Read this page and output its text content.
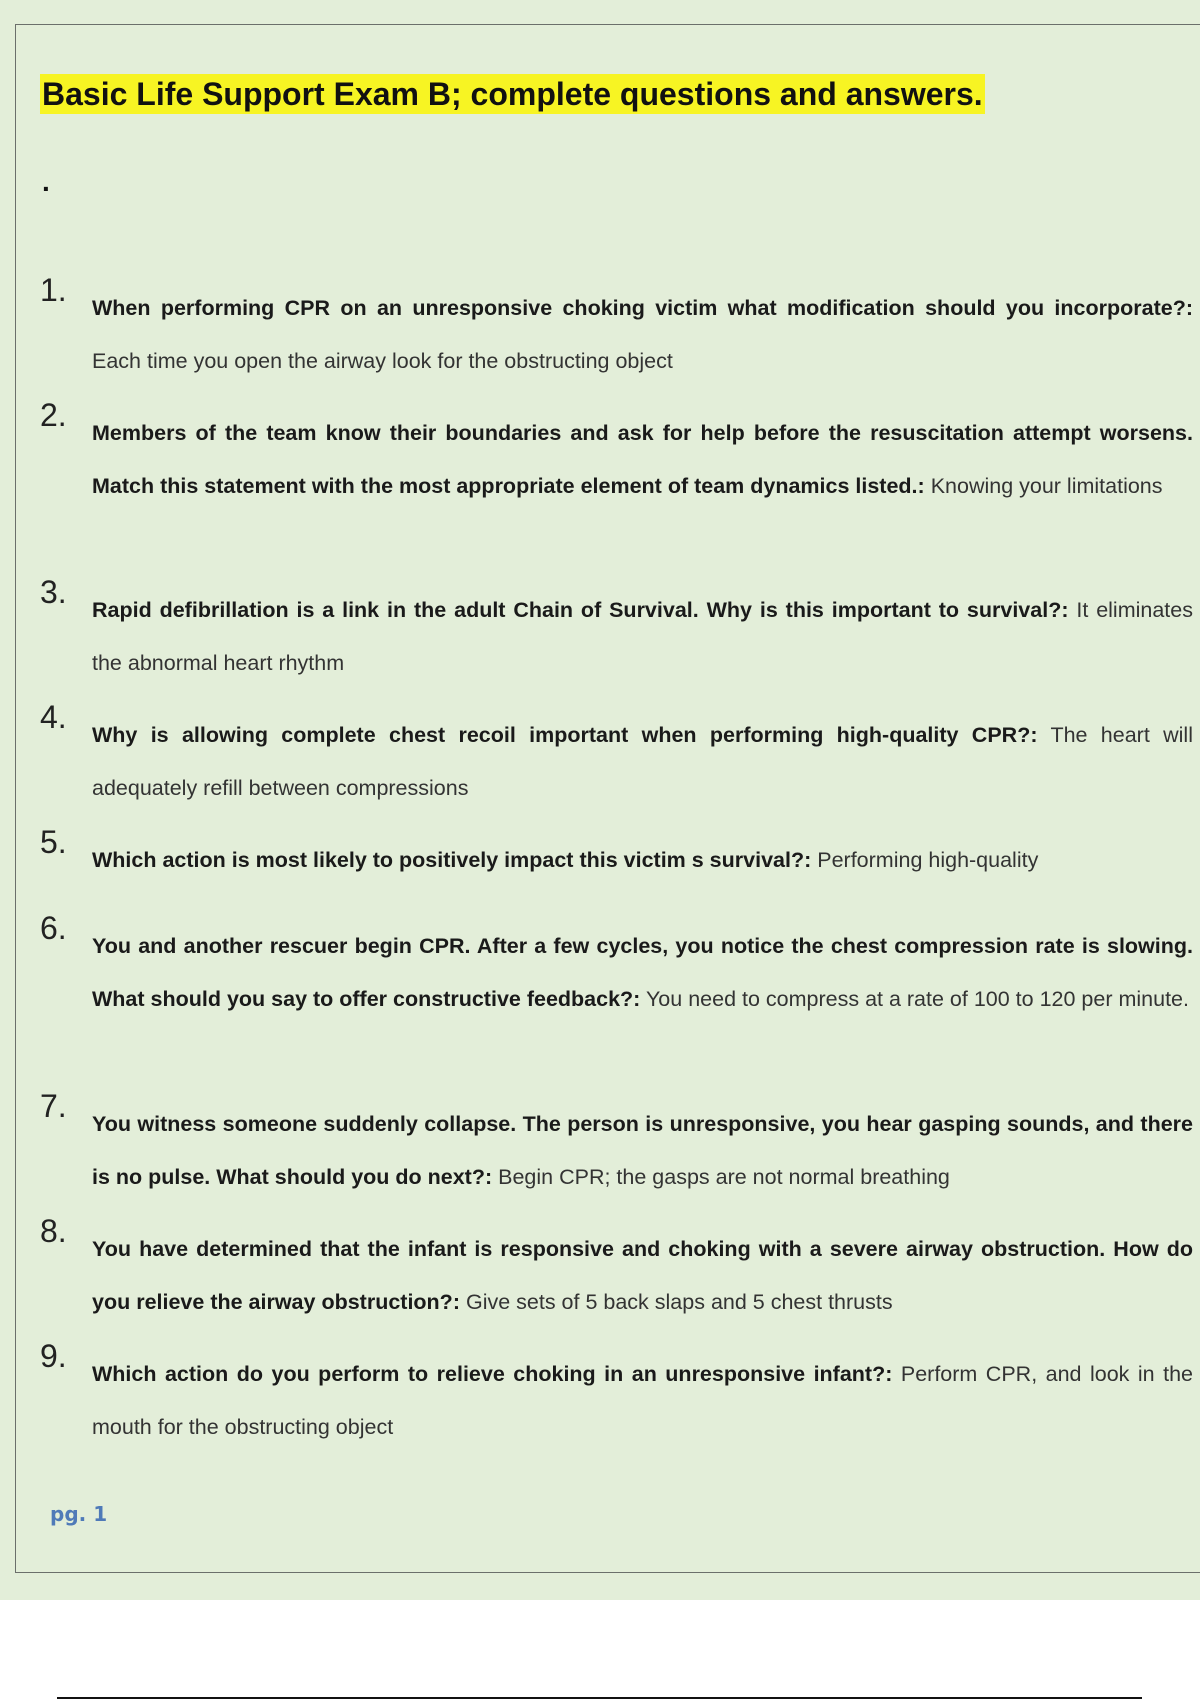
Basic Life Support Exam B; complete questions and answers.
.
1. When performing CPR on an unresponsive choking victim what modification should you incorporate?: Each time you open the airway look for the obstructing object
2. Members of the team know their boundaries and ask for help before the resuscitation attempt worsens. Match this statement with the most appropriate element of team dynamics listed.: Knowing your limitations
3. Rapid defibrillation is a link in the adult Chain of Survival. Why is this important to survival?: It eliminates the abnormal heart rhythm
4. Why is allowing complete chest recoil important when performing high-quality CPR?: The heart will adequately refill between compressions
5. Which action is most likely to positively impact this victim s survival?: Performing high-quality
6. You and another rescuer begin CPR. After a few cycles, you notice the chest compression rate is slowing. What should you say to offer constructive feedback?: You need to compress at a rate of 100 to 120 per minute.
7. You witness someone suddenly collapse. The person is unresponsive, you hear gasping sounds, and there is no pulse. What should you do next?: Begin CPR; the gasps are not normal breathing
8. You have determined that the infant is responsive and choking with a severe airway obstruction. How do you relieve the airway obstruction?: Give sets of 5 back slaps and 5 chest thrusts
9. Which action do you perform to relieve choking in an unresponsive infant?: Perform CPR, and look in the mouth for the obstructing object
pg. 1
